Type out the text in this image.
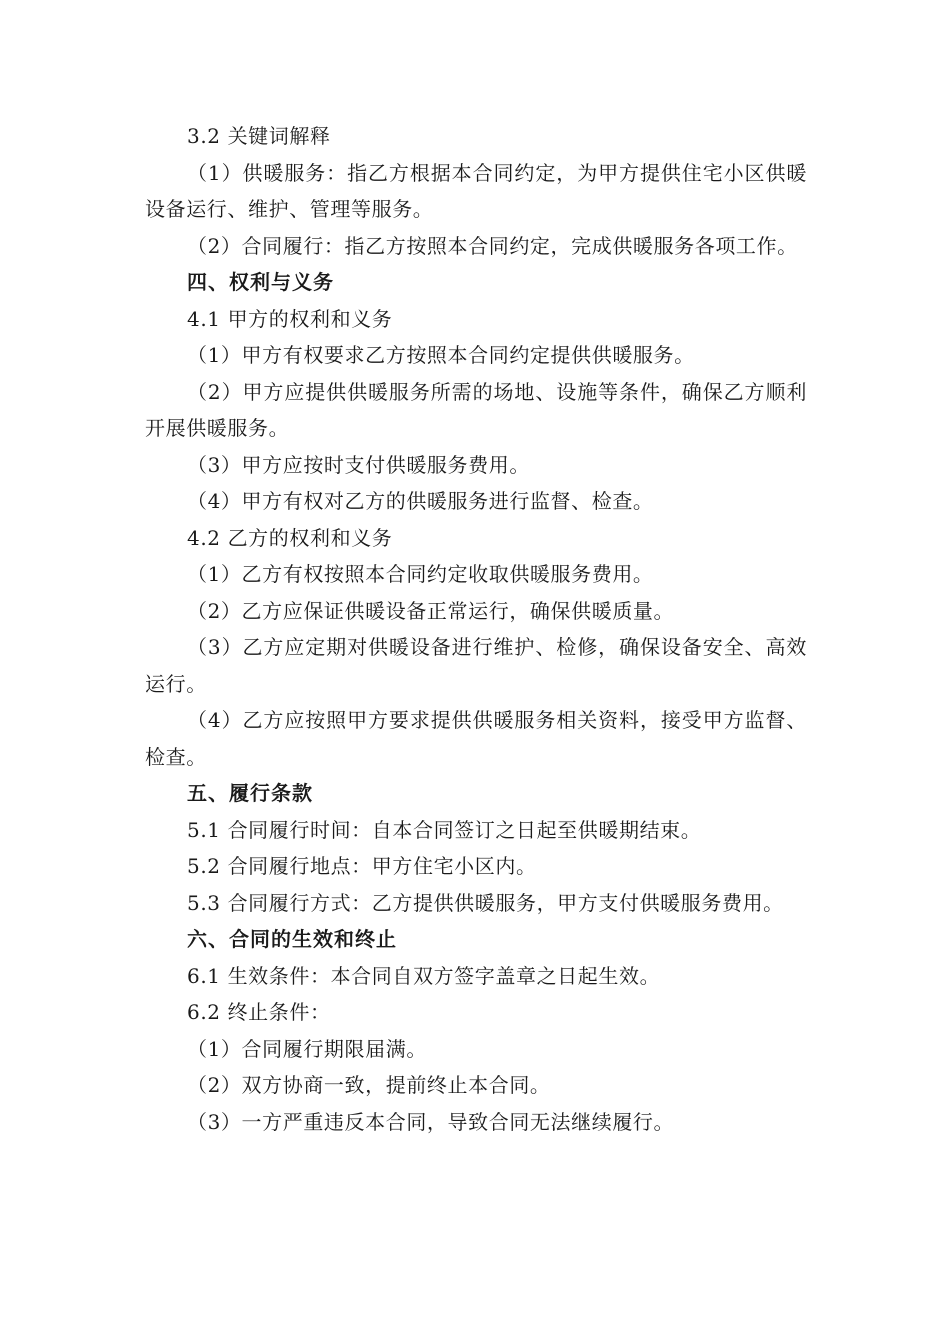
3.2 关键词解释

（1）供暖服务：指乙方根据本合同约定，为甲方提供住宅小区供暖设备运行、维护、管理等服务。

（2）合同履行：指乙方按照本合同约定，完成供暖服务各项工作。

四、权利与义务

4.1 甲方的权利和义务

（1）甲方有权要求乙方按照本合同约定提供供暖服务。

（2）甲方应提供供暖服务所需的场地、设施等条件，确保乙方顺利开展供暖服务。

（3）甲方应按时支付供暖服务费用。

（4）甲方有权对乙方的供暖服务进行监督、检查。

4.2 乙方的权利和义务

（1）乙方有权按照本合同约定收取供暖服务费用。

（2）乙方应保证供暖设备正常运行，确保供暖质量。

（3）乙方应定期对供暖设备进行维护、检修，确保设备安全、高效运行。

（4）乙方应按照甲方要求提供供暖服务相关资料，接受甲方监督、检查。

五、履行条款

5.1 合同履行时间：自本合同签订之日起至供暖期结束。

5.2 合同履行地点：甲方住宅小区内。

5.3 合同履行方式：乙方提供供暖服务，甲方支付供暖服务费用。

六、合同的生效和终止

6.1 生效条件：本合同自双方签字盖章之日起生效。

6.2 终止条件：

（1）合同履行期限届满。

（2）双方协商一致，提前终止本合同。

（3）一方严重违反本合同，导致合同无法继续履行。
